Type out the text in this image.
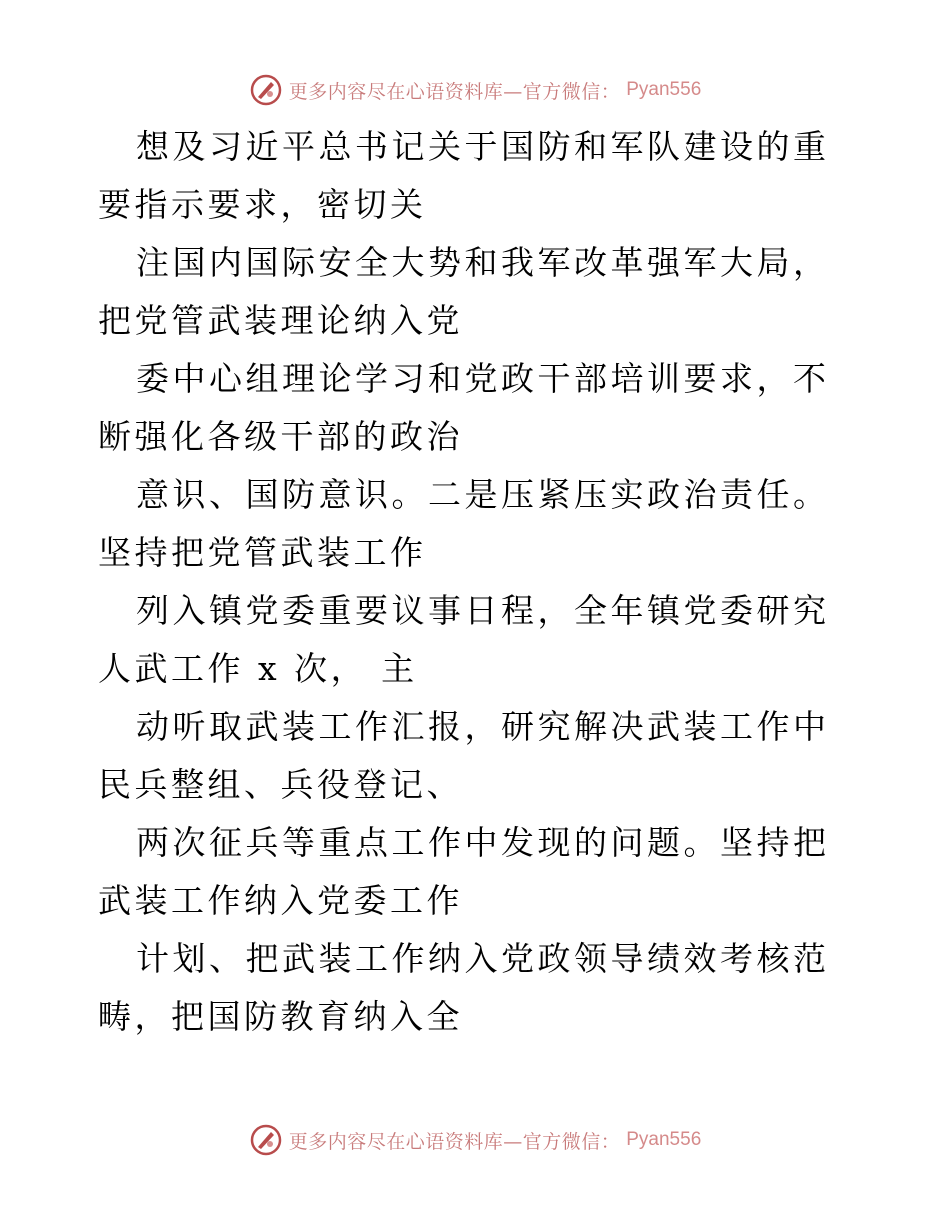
更多内容尽在心语资料库—官方微信： Pyan556

想及习近平总书记关于国防和军队建设的重要指示要求，密切关

注国内国际安全大势和我军改革强军大局，把党管武装理论纳入党

委中心组理论学习和党政干部培训要求，不断强化各级干部的政治

意识、国防意识。二是压紧压实政治责任。坚持把党管武装工作

列入镇党委重要议事日程，全年镇党委研究人武工作 x 次， 主

动听取武装工作汇报，研究解决武装工作中民兵整组、兵役登记、

两次征兵等重点工作中发现的问题。坚持把武装工作纳入党委工作

计划、把武装工作纳入党政领导绩效考核范畴，把国防教育纳入全

更多内容尽在心语资料库—官方微信： Pyan556
